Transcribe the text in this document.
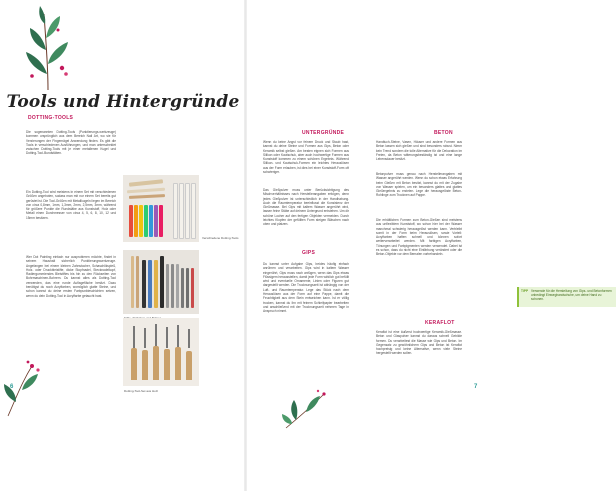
Tools und Hintergründe
DOTTING-TOOLS
Die sogenannten Dotting-Tools (Punktierungs-werkzeuge) kommen ursprünglich aus dem Bereich Nail Art, wo sie für Verzierungen der Fingernägel Anwendung finden. Es gibt die Tools in verschiedenen Ausführungen, und man unterscheidet zwischen Dotting-Tools mit je einer metallenen Kugel und Dotting-Tool-Bundstäben.
Ein Dotting-Tool wird meistens in einem Set mit verschiedenen Größen angeboten, sodass man mit nur einem Set bereits gut gerüstet ist. Die Tool-Größen mit Metallkugeln liegen im Bereich von circa 0,8mm, 1mm, 1,3mm, 2mm, 2,5mm, 3mm, während für größere Punkte die Rundstäbe aus Kunststoff, Holz oder Metall einen Durchmesser von circa 4, 5, 6, 8, 10, 12 und 15mm besitzen.
Wer Dot Painting einfach nur ausprobieren möchte, findet in seinem Haushalt sicherlich Punktierungswerkzeuge. Angefangen bei einem kleinen Zahnstocher, Schaschlikspieß, Holz- oder Druckbleistifte, dicke Stopfnadel, Stecknadelkopf, Radiergummiendes Bleistiftes bis hin zu den Rückseiten von Bohrmaschinen-Bohrern. Du kannst alles als Dotting-Tool verwenden, das eine runde Auflagefläche besitzt. Dazu benötigst du noch Acrylfarben, womöglich glatte Steine, und schon kannst du deine ersten Farbpunkteschichten setzen, wenn du dein Dotting-Tool in Acrylfarbe getaucht hast.
Verschiedene Dotting-Tools
Dotting-Tool-Set aus Holz
6
UNTERGRÜNDE
Wenn du keine Angst vor feinem Druck und Staub hast, kannst du deine Steine und Formen aus Gips, Beton oder Keramik selbst gießen. Am besten eignen sich Formen aus Silikon oder Kautschuk, aber auch hochwertige Formen aus Kunststoff kommen zu einem schönen Ergebnis. Während Silikon- und Kautschuk-Formen ein leichtes Herauslösen aus der Form erlauben, ist dies bei einer Kunststoff-Form oft schwieriger.
Das Gießpulver muss unter Berücksichtigung des Mischverhältnisses nach Herstellerangaben erfolgen, denn jedes Gießpulver ist unterschiedlich in der Handhabung. Auch die Raumtemperatur beeinflusst die Konsistenz der Gießmasse. Bei Gips mit kaltem Wasser angerührt wird, lassen feine Stäbe auf deinem Untergrund entstehen. Um dir schöne Locher auf den fertigen Objekten vermeiden. Durch leichtes Klopfen der gefüllten Form steigen Bläschen nach oben und platzen.
GIPS
Du kannst unter Aufgabe Gips, beides häufig einfach anrühren und verarbeiten. Gips wird in kaltem Wasser eingerührt, Gips muss nach anfügen, wenn das Gips etwas Flüssigem herausstellen, damit jede Form wirklich gut befüllt wird und eventuelle Ornamente, Linien oder Figuren gut dargestellt werden. Die Trocknungszeit ist abhängig von der Luft- und Raumtemperatur. Lege das Stück nach dem Herauslösen aus der Form auf eine Pappe, damit die Feuchtigkeit aus dem Stein entweichen kann. Ist er völlig trocken, kannst du ihn mit feinem Schleifpapier bearbeiten und anschließend mit der Trocknungszeit nehmen Tage in Anspruch nimmt.
BETON
Handtuch-Steine, Vasen, Häuser und andere Formen aus Beton lassen sich gießen und sind besonders robust. Nimm kein Trend sondern die tolle Alternative für die Dekoration im Freien, da Beton witterungsbeständig ist und eine lange Lebensdauer besitzt.
Betonpulver muss genau nach Herstellerangaben mit Wasser angerührt werden. Wenn du schon etwas Erfahrung beim Gießen mit Beton besitzt, kannst du mit der Zugabe von Wasser spielen, um ein besonders glattes und glattes Gießergebnis zu erzielen. Lege die herausgelöste Beton-Rohlinge zum Trocknen auf Pappe.
Die erhältlichen Formen zum Beton-Gießen sind meistens aus unflexiblem Kunststoff, wo schon hier bei der Wasser manchmal schwierig herausgelöst werden kann. Verbleibt somit in der Form beim Herauslösen, sowie Vorteil: Acrylfarben haften schnell und können sofort weiterverarbeitet werden. Mit farbigen Acrylfarben, Tönungen und Farbpigmenten werden verwendet. Dabei ist es schon, dass du nicht eine Einfärbung verändert oder die Beton-Objekte vor dem Bemalen vorbehandeln.
TIPP Verwende für die Herstellung von Gips- und Betonformen unbedingt Einweghandschuhe, um deine Hand zu schonen.
KERAFLOT
Keraflot ist eine äußerst hochwertige Keramik-Gießmasse. Beton und Glaspulver kannst du daraus schnell Gebilde formen. Du verarbeitest die Masse wie Gips und Beton. Im Gegensatz zu gewöhnlichem Gips und Beton ist Keraflot hochpreisig und keine Alternative, wenn viele Steine hergestellt werden sollen.
7
